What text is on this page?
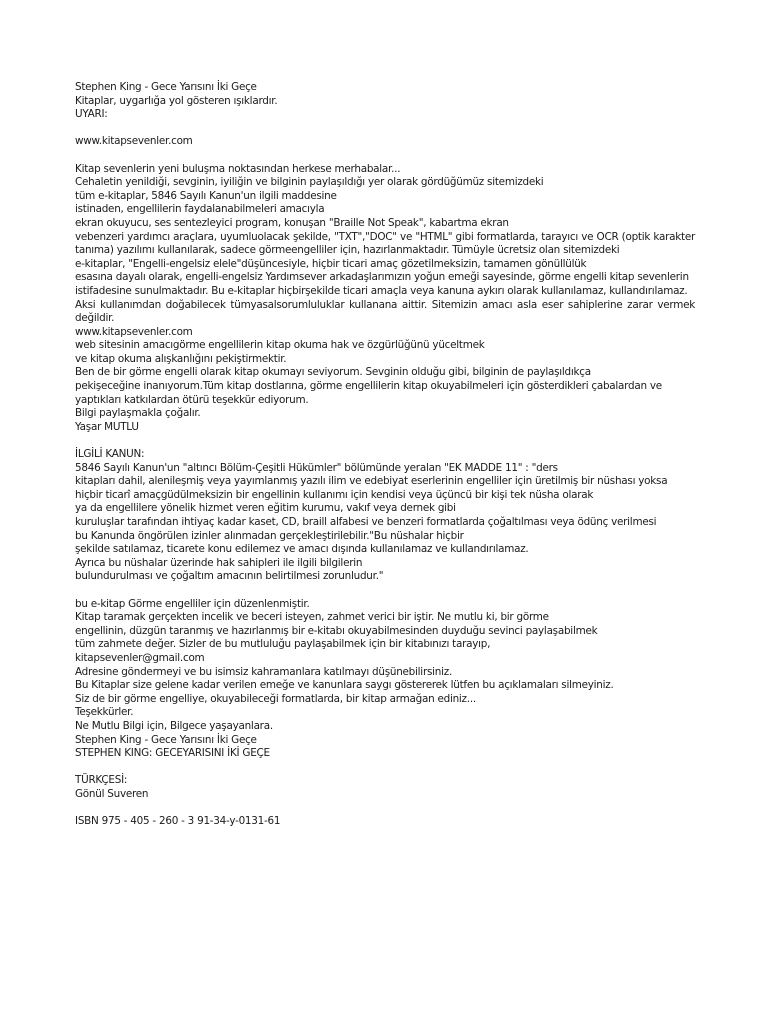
Stephen King - Gece Yarısını İki Geçe
Kitaplar, uygarlığa yol gösteren ışıklardır.
UYARI:
www.kitapsevenler.com
Kitap sevenlerin yeni buluşma noktasından herkese merhabalar...
Cehaletin yenildiği, sevginin, iyiliğin ve bilginin paylaşıldığı yer olarak gördüğümüz sitemizdeki
tüm e-kitaplar, 5846 Sayılı Kanun'un ilgili maddesine
istinaden, engellilerin faydalanabilmeleri amacıyla
ekran okuyucu, ses sentezleyici program, konuşan "Braille Not Speak", kabartma ekran
vebenzeri yardımcı araçlara, uyumluolacak şekilde, "TXT","DOC" ve "HTML" gibi formatlarda, tarayıcı ve OCR (optik karakter tanıma) yazılımı kullanılarak, sadece görmeengelliler için, hazırlanmaktadır. Tümüyle ücretsiz olan sitemizdeki
e-kitaplar, "Engelli-engelsiz elele"düşüncesiyle, hiçbir ticari amaç gözetilmeksizin, tamamen gönüllülük
esasına dayalı olarak, engelli-engelsiz Yardımsever arkadaşlarımızın yoğun emeği sayesinde, görme engelli kitap sevenlerin
istifadesine sunulmaktadır. Bu e-kitaplar hiçbirşekilde ticari amaçla veya kanuna aykırı olarak kullanılamaz, kullandırılamaz.
Aksi kullanımdan doğabilecek tümyasalsorumluluklar kullanana aittir. Sitemizin amacı asla eser sahiplerine zarar vermek değildir.
www.kitapsevenler.com
web sitesinin amacıgörme engellilerin kitap okuma hak ve özgürlüğünü yüceltmek
ve kitap okuma alışkanlığını pekiştirmektir.
Ben de bir görme engelli olarak kitap okumayı seviyorum. Sevginin olduğu gibi, bilginin de paylaşıldıkça
pekişeceğine inanıyorum.Tüm kitap dostlarına, görme engellilerin kitap okuyabilmeleri için gösterdikleri çabalardan ve
yaptıkları katkılardan ötürü teşekkür ediyorum.
Bilgi paylaşmakla çoğalır.
Yaşar MUTLU
İLGİLİ KANUN:
5846 Sayılı Kanun'un "altıncı Bölüm-Çeşitli Hükümler" bölümünde yeralan "EK MADDE 11" : "ders
kitapları dahil, alenileşmiş veya yayımlanmış yazılı ilim ve edebiyat eserlerinin engelliler için üretilmiş bir nüshası yoksa
hiçbir ticarî amaçgüdülmeksizin bir engellinin kullanımı için kendisi veya üçüncü bir kişi tek nüsha olarak
ya da engellilere yönelik hizmet veren eğitim kurumu, vakıf veya dernek gibi
kuruluşlar tarafından ihtiyaç kadar kaset, CD, braill alfabesi ve benzeri formatlarda çoğaltılması veya ödünç verilmesi
bu Kanunda öngörülen izinler alınmadan gerçekleştirilebilir."Bu nüshalar hiçbir
şekilde satılamaz, ticarete konu edilemez ve amacı dışında kullanılamaz ve kullandırılamaz.
Ayrıca bu nüshalar üzerinde hak sahipleri ile ilgili bilgilerin
bulundurulması ve çoğaltım amacının belirtilmesi zorunludur."
bu e-kitap Görme engelliler için düzenlenmiştir.
Kitap taramak gerçekten incelik ve beceri isteyen, zahmet verici bir iştir. Ne mutlu ki, bir görme
engellinin, düzgün taranmış ve hazırlanmış bir e-kitabı okuyabilmesinden duyduğu sevinci paylaşabilmek
tüm zahmete değer. Sizler de bu mutluluğu paylaşabilmek için bir kitabınızı tarayıp,
kitapsevenler@gmail.com
Adresine göndermeyi ve bu isimsiz kahramanlara katılmayı düşünebilirsiniz.
Bu Kitaplar size gelene kadar verilen emeğe ve kanunlara saygı göstererek lütfen bu açıklamaları silmeyiniz.
Siz de bir görme engelliye, okuyabileceği formatlarda, bir kitap armağan ediniz...
Teşekkürler.
Ne Mutlu Bilgi için, Bilgece yaşayanlara.
Stephen King - Gece Yarısını İki Geçe
STEPHEN KING: GECEYARISINI İKİ GEÇE
TÜRKÇESİ:
Gönül Suveren
ISBN 975 - 405 - 260 - 3 91-34-y-0131-61
